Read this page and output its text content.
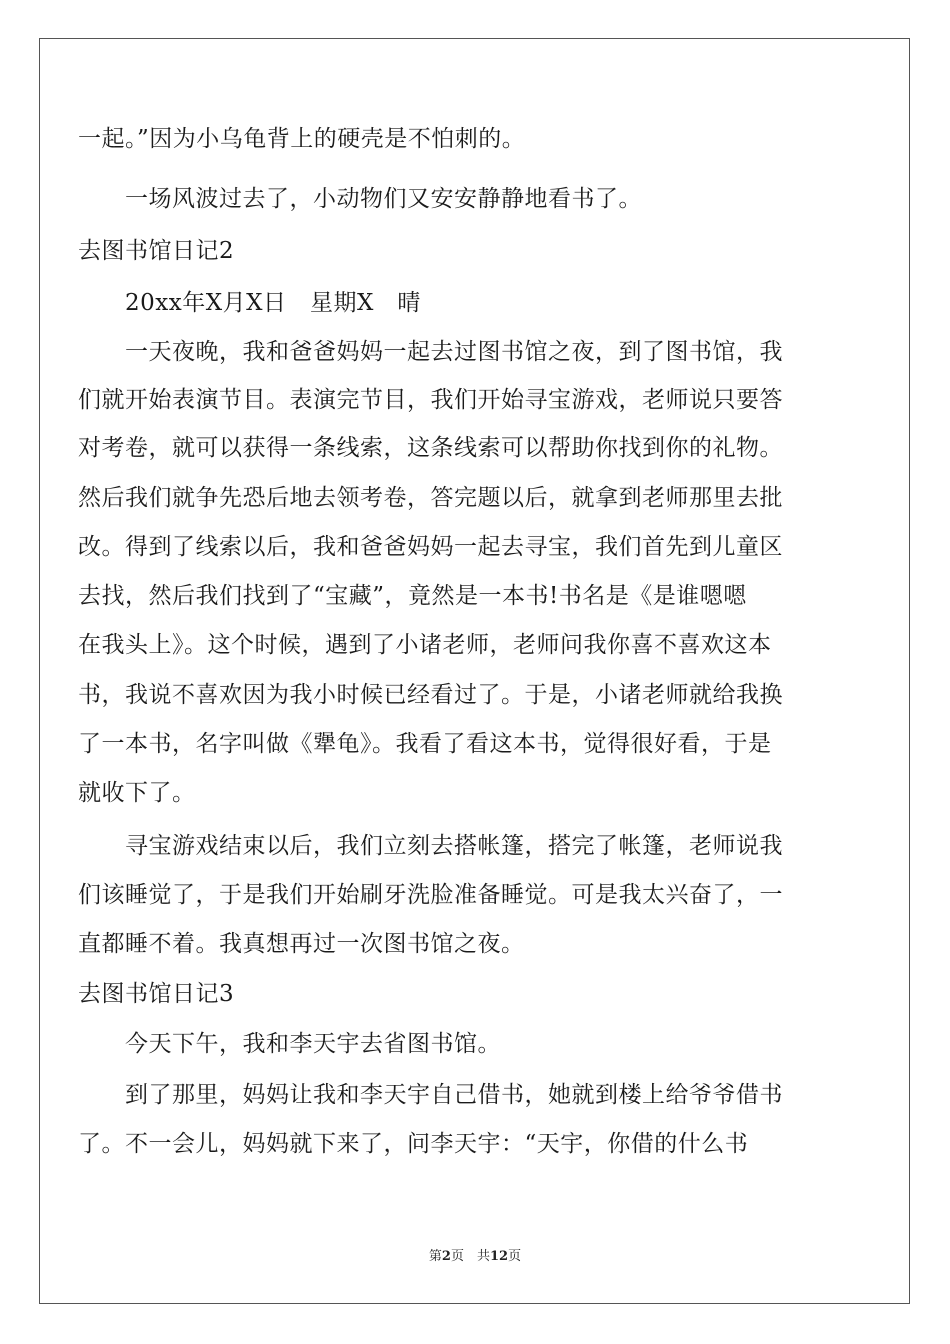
一起。”因为小乌龟背上的硬壳是不怕刺的。
　　一场风波过去了，小动物们又安安静静地看书了。
去图书馆日记2
　　20xx年X月X日　星期X　晴
　　一天夜晚，我和爸爸妈妈一起去过图书馆之夜，到了图书馆，我
们就开始表演节目。表演完节目，我们开始寻宝游戏，老师说只要答
对考卷，就可以获得一条线索，这条线索可以帮助你找到你的礼物。
然后我们就争先恐后地去领考卷，答完题以后，就拿到老师那里去批
改。得到了线索以后，我和爸爸妈妈一起去寻宝，我们首先到儿童区
去找，然后我们找到了“宝藏”，竟然是一本书!书名是《是谁嗯嗯
在我头上》。这个时候，遇到了小诸老师，老师问我你喜不喜欢这本
书，我说不喜欢因为我小时候已经看过了。于是，小诸老师就给我换
了一本书，名字叫做《犟龟》。我看了看这本书，觉得很好看，于是
就收下了。
　　寻宝游戏结束以后，我们立刻去搭帐篷，搭完了帐篷，老师说我
们该睡觉了，于是我们开始刷牙洗脸准备睡觉。可是我太兴奋了，一
直都睡不着。我真想再过一次图书馆之夜。
去图书馆日记3
　　今天下午，我和李天宇去省图书馆。
　　到了那里，妈妈让我和李天宇自己借书，她就到楼上给爷爷借书
了。不一会儿，妈妈就下来了，问李天宇：“天宇，你借的什么书
第2页　共12页
